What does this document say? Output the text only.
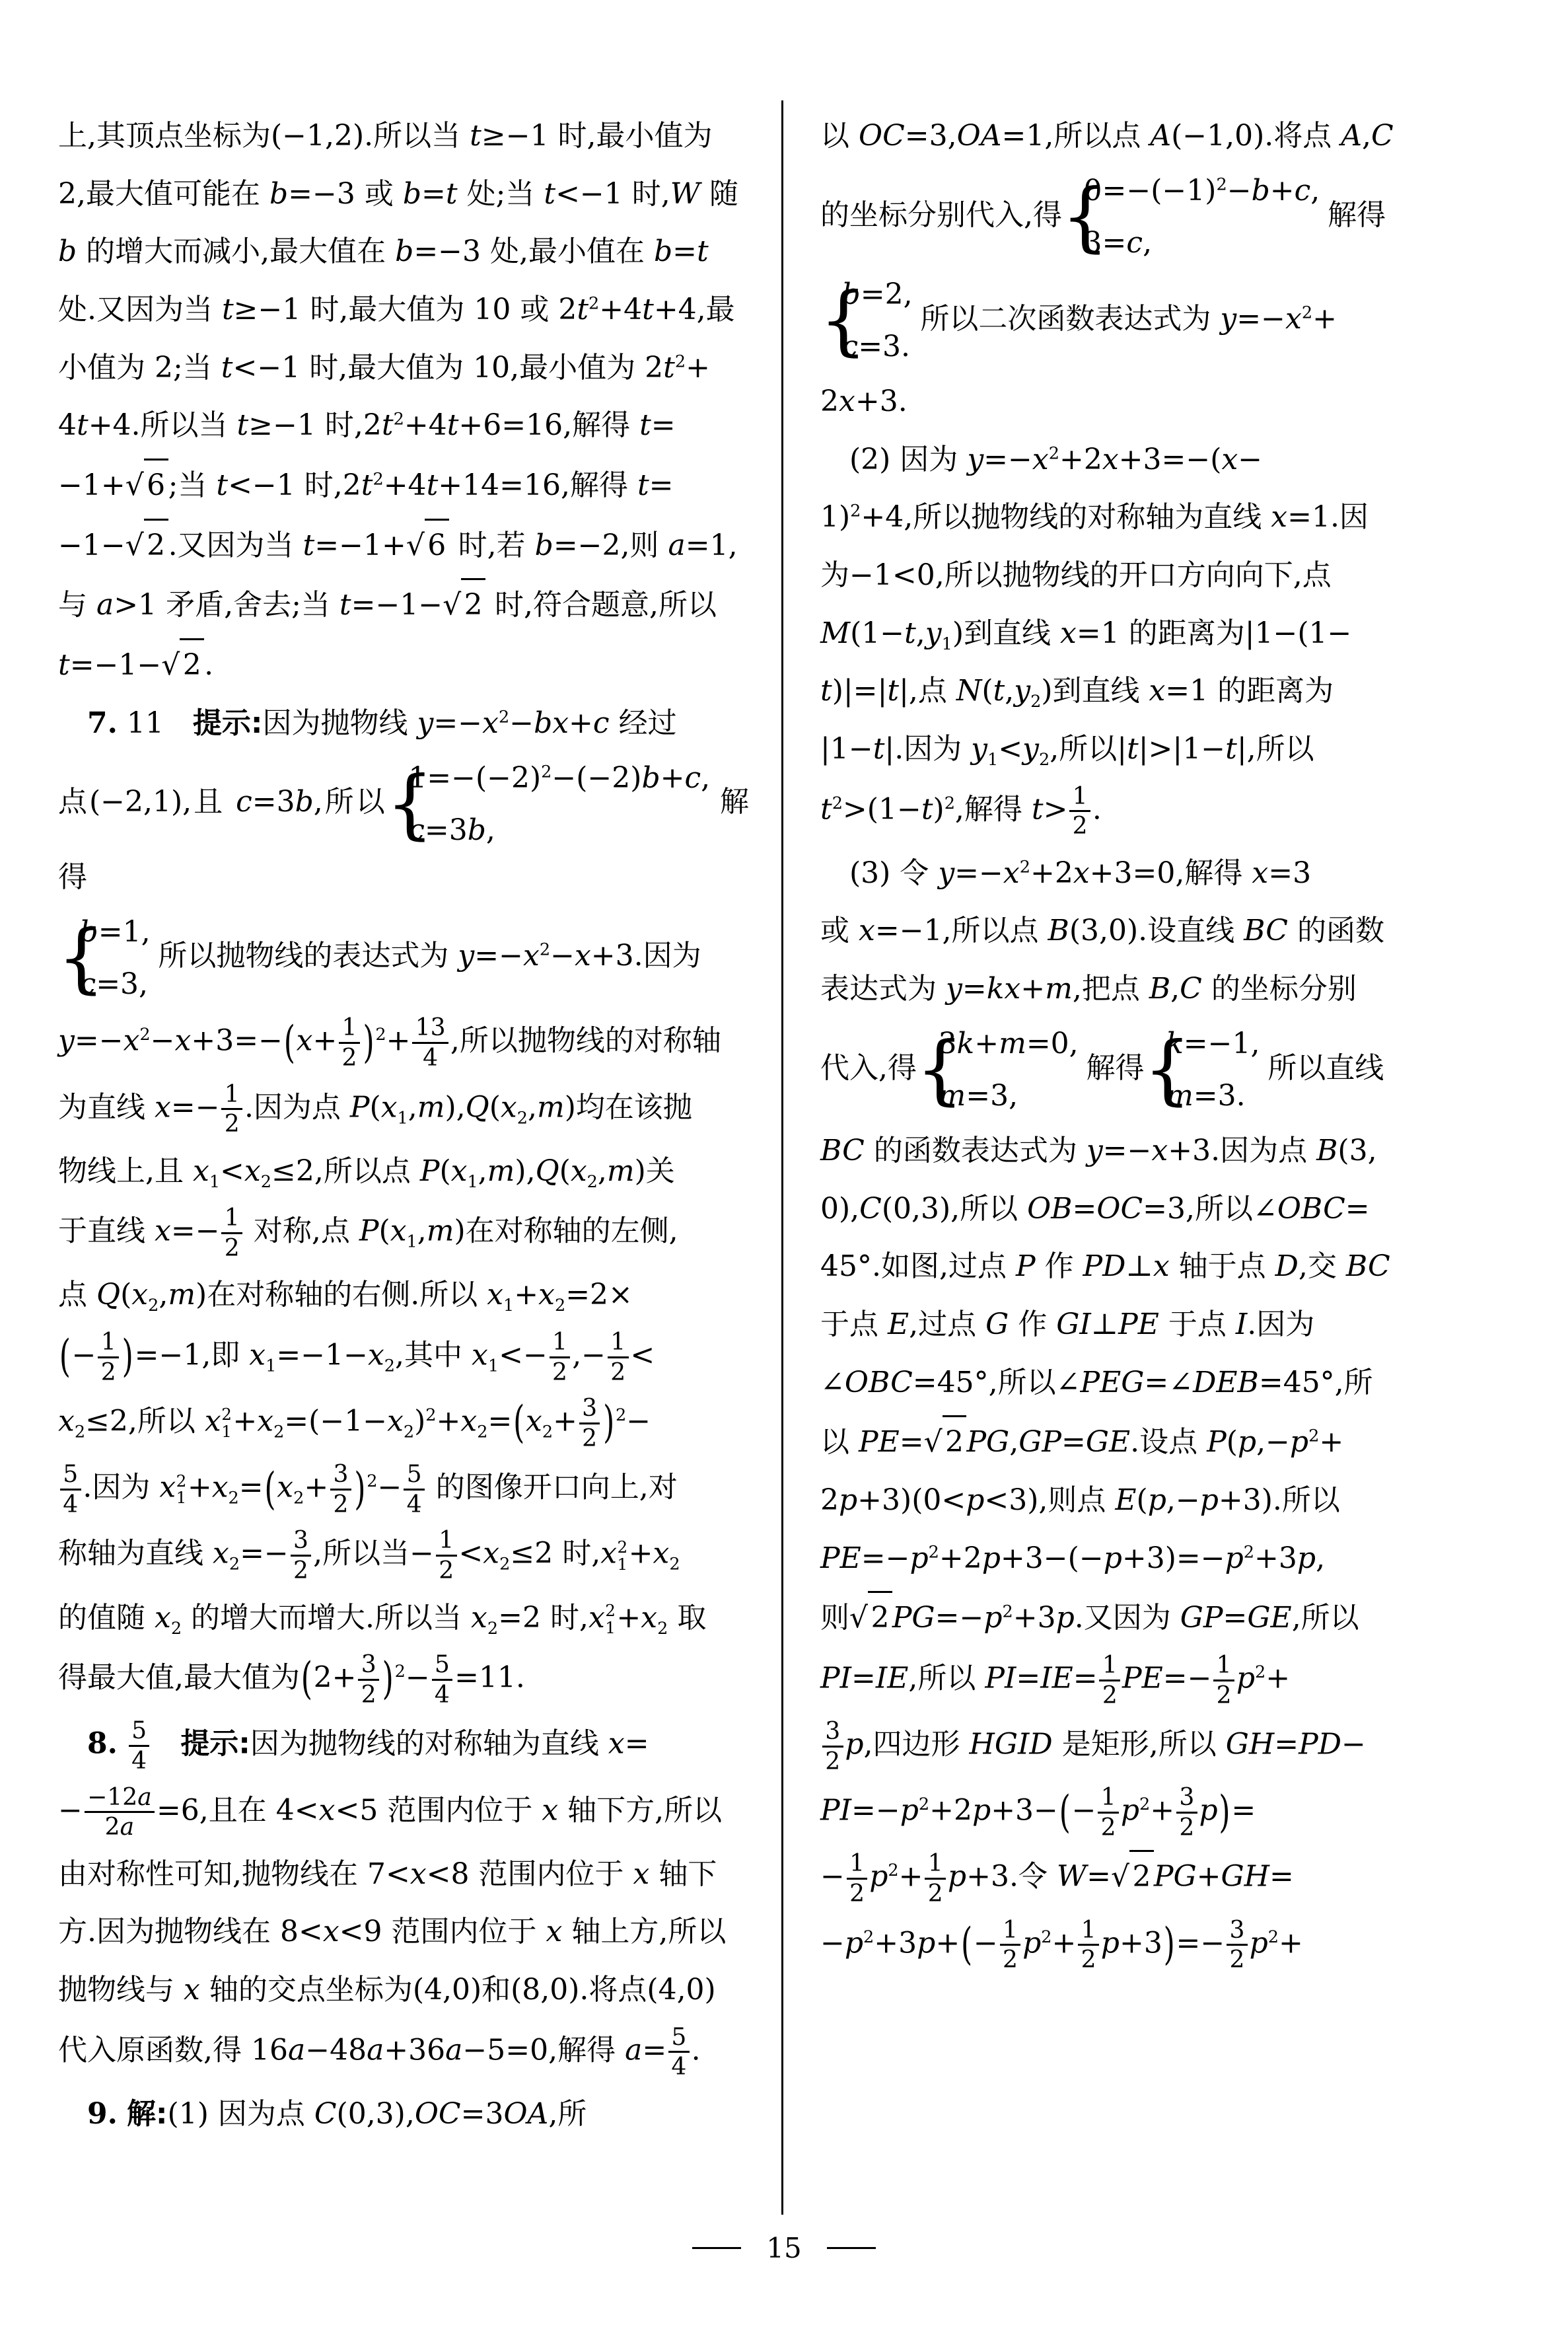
上,其顶点坐标为(−1,2).所以当 t≥−1 时,最小值为
2,最大值可能在 b=−3 或 b=t 处;当 t<−1 时,W 随
b 的增大而减小,最大值在 b=−3 处,最小值在 b=t
处.又因为当 t≥−1 时,最大值为 10 或 $2t^2+4t+4$,最
小值为 2;当 t<−1 时,最大值为 10,最小值为 $2t^2+$
4t+4.所以当 t≥−1 时$,2t^2+4t+6=16$,解得 t=
−1+ √ 6;当 t<−1 时$,2t^2+4t+14=16$,解得 t=
−1− √ 2.又因为当 t=−1+ √ 6 时,若 b=−2,则 a=1,
与 a>1 矛盾,舍去;当 t=−1− √ 2 时,符合题意,所以
t=−1− √ 2.
　7. 11　提示:因为抛物线 $y=-x^2-bx+c$ 经过
点(−2,1),且 c=3b,所以
{ $1=-(-2)^2-(-2)b+c$,
c=3b,
解得
{ b=1,
c=3,
所以抛物线的表达式为 $y=-x^2-x+3$.因为
$y=-x^2-x+3=-(x+ \frac{1}{2} )^2+ \frac{13}{4}$ ,所以抛物线的对称轴
为直线 $x=- \frac{1}{2}$ .因为点 $P(x_1,m),Q(x_2,m)$均在该抛
物线上,且 $x_1<x_2\le 2$,所以点 $P(x_1,m),Q(x_2,m)$关
于直线 $x=- \frac{1}{2}$ 对称,点 $P(x_1,m)$在对称轴的左侧,
点 $Q(x_2,m)$在对称轴的右侧.所以 $x_1+x_2=2\times$
(− $\frac{1}{2} )=-1$,即 $x_1=-1-x_2$,其中 $x_1<- \frac{1}{2}$ ,− $\frac{1}{2}$ <
$x_2\le 2$,所以 x 2
$1 +x_2=(-1-x_2)^2+x_2=(x_2+ \frac{3}{2} )^2-$
$\frac{5}{4}$ .因为 x 2
$1 +x_2=(x_2+ \frac{3}{2} )^2- \frac{5}{4}$ 的图像开口向上,对
称轴为直线 $x_2=- \frac{3}{2}$ ,所以当− $\frac{1}{2} <x_2\le 2$ 时,x 2
$1 +x_2$
的值随 $x_2$ 的增大而增大.所以当 $x_2=2$ 时,x 2
$1 +x_2$ 取
得最大值,最大值为$(2+ \frac{3}{2} )^2- \frac{5}{4} =11$.
　8. $\frac{5}{4}$
　 提示:因为抛物线的对称轴为直线 x=
− $\frac{-12a}{2a} =6$,且在 4<x<5 范围内位于 x 轴下方,所以
由对称性可知,抛物线在 7<x<8 范围内位于 x 轴下
方.因为抛物线在 8<x<9 范围内位于 x 轴上方,所以
抛物线与 x 轴的交点坐标为(4,0)和(8,0).将点(4,0)
代入原函数,得 16a−48a+36a−5=0,解得 $a= \frac{5}{4}$ .
　9. 解:(1) 因为点 C(0,3),OC=3OA,所
以 OC=3,OA=1,所以点 A(−1,0).将点 A,C
的坐标分别代入,得
{ $0=-(-1)^2-b+c$,
3=c,
解得
{ b=2,
c=3.
所以二次函数表达式为 $y=-x^2+$
2x+3.
　(2) 因为 $y=-x^2+2x+3=-(x-$
1)$^2$+4,所以抛物线的对称轴为直线 x=1.因
为−1<0,所以抛物线的开口方向向下,点
$M(1-t,y_1)$到直线 x=1 的距离为|1−(1−
t)|=|t|,点 $N(t,y_2)$到直线 x=1 的距离为
|1−t|.因为 $y_1<y_2$,所以|t|>|1−t|,所以
$t^2>(1-t)^2$,解得 $t> \frac{1}{2}$ .
　(3) 令 $y=-x^2+2x+3=0$,解得 x=3
或 x=−1,所以点 B(3,0).设直线 BC 的函数
表达式为 y=kx+m,把点 B,C 的坐标分别
代入,得
{ 3k+m=0,
m=3,
解得
{ k=−1,
m=3.
所以直线
BC 的函数表达式为 y=−x+3.因为点 B(3,
0),C(0,3),所以 OB=OC=3,所以∠OBC=
45°.如图,过点 P 作 PD⊥x 轴于点 D,交 BC
于点 E,过点 G 作 GI⊥PE 于点 I.因为
∠OBC=45°,所以∠PEG=∠DEB=45°,所
以 PE= √ 2PG,GP=GE.设点 $P(p,-p^2+$
2p+3)(0<p<3),则点 E(p,−p+3).所以
$PE=-p^2+2p+3-(-p+3)=-p^2+3p$,
则 √ $2PG=-p^2+3p$.又因为 GP=GE,所以
PI=IE,所以 $PI=IE= \frac{1}{2} PE=- \frac{1}{2} p^2+$
$\frac{3}{2} p$,四边形 HGID 是矩形,所以 GH=PD−
$PI=-p^2+2p+3-(- \frac{1}{2} p^2+ \frac{3}{2} p)=$
− $\frac{1}{2} p^2+ \frac{1}{2} p+3$.令 W= √ 2PG+GH=
$-p^2+3p+(- \frac{1}{2} p^2+ \frac{1}{2} p+3)=- \frac{3}{2} p^2+$
15
